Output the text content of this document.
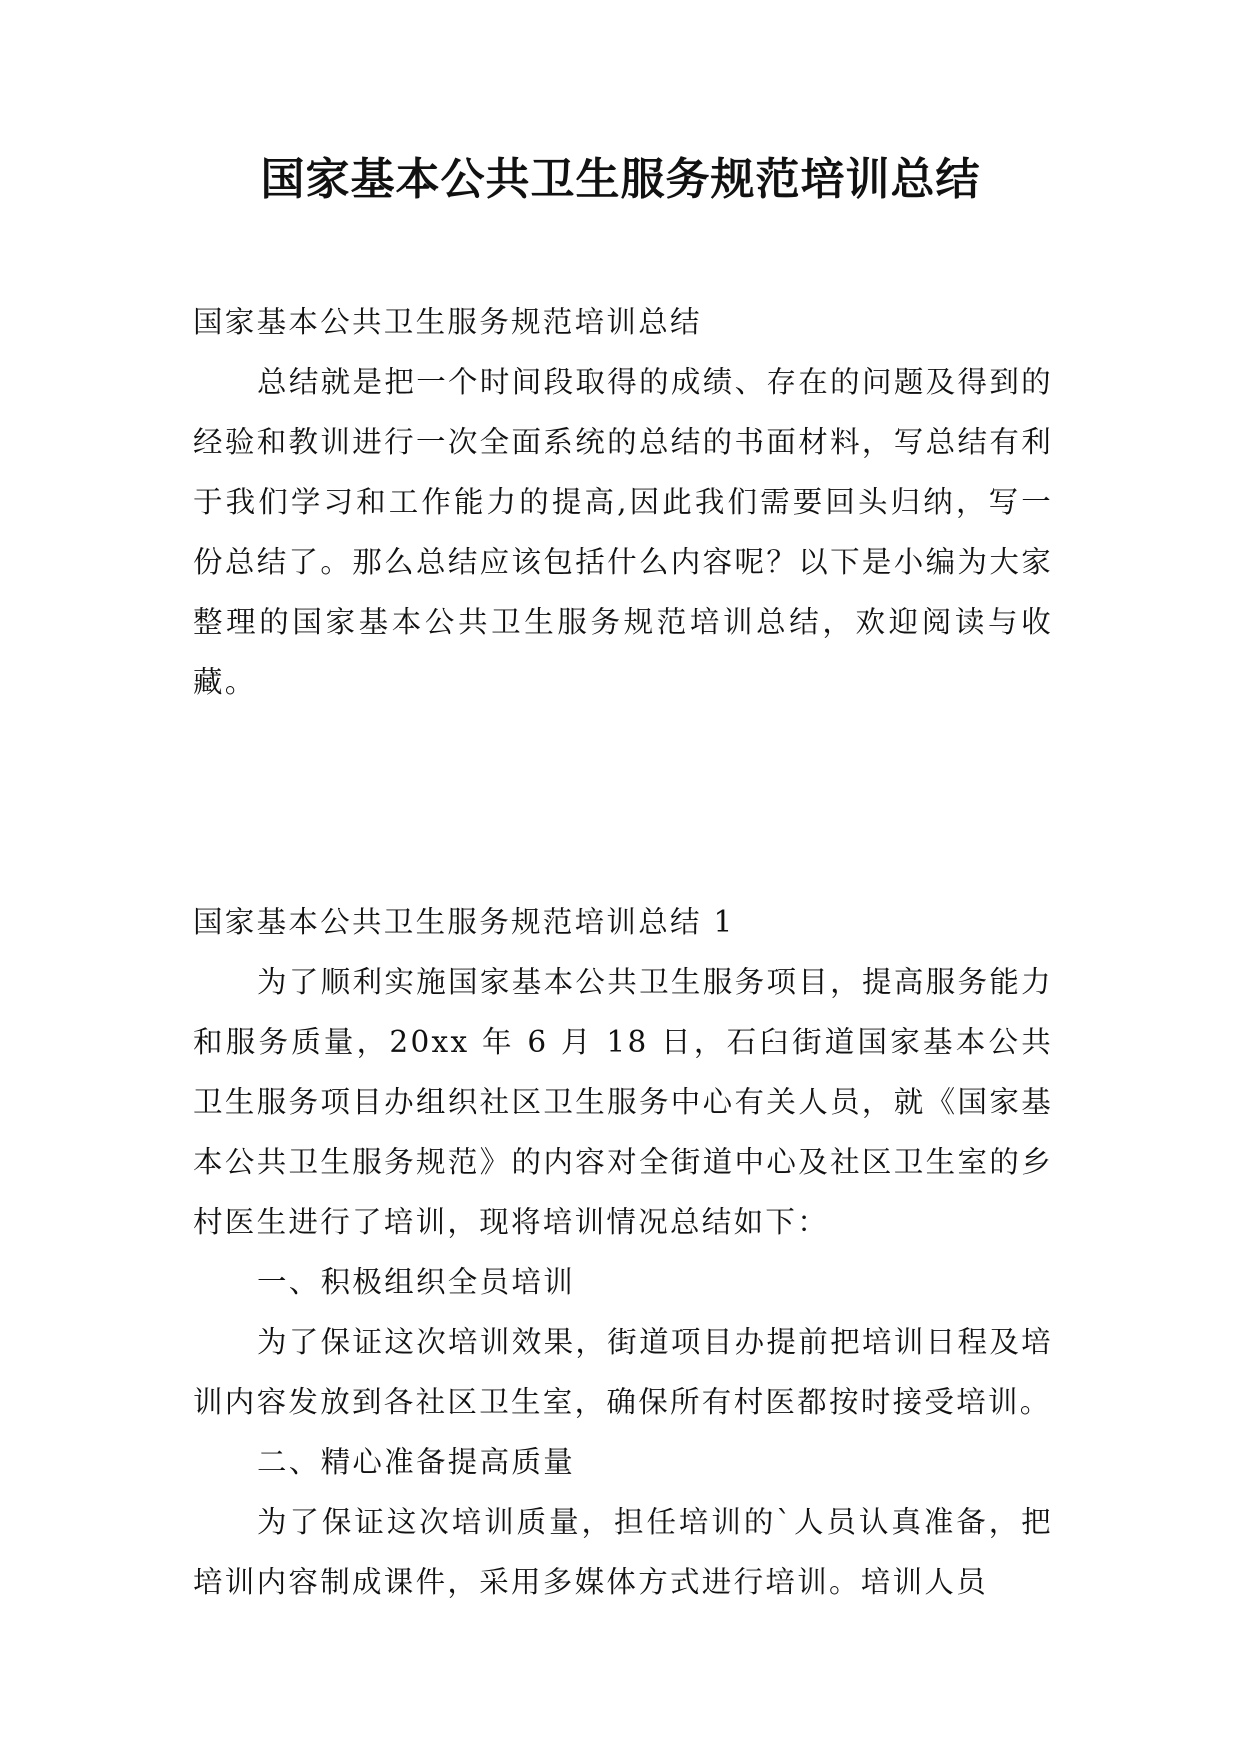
国家基本公共卫生服务规范培训总结

国家基本公共卫生服务规范培训总结

总结就是把一个时间段取得的成绩、存在的问题及得到的经验和教训进行一次全面系统的总结的书面材料，写总结有利于我们学习和工作能力的提高,因此我们需要回头归纳，写一份总结了。那么总结应该包括什么内容呢？以下是小编为大家整理的国家基本公共卫生服务规范培训总结，欢迎阅读与收藏。

国家基本公共卫生服务规范培训总结 1

为了顺利实施国家基本公共卫生服务项目，提高服务能力和服务质量，20xx 年 6 月 18 日，石臼街道国家基本公共卫生服务项目办组织社区卫生服务中心有关人员，就《国家基本公共卫生服务规范》的内容对全街道中心及社区卫生室的乡村医生进行了培训，现将培训情况总结如下：

一、积极组织全员培训

为了保证这次培训效果，街道项目办提前把培训日程及培训内容发放到各社区卫生室，确保所有村医都按时接受培训。

二、精心准备提高质量

为了保证这次培训质量，担任培训的`人员认真准备，把培训内容制成课件，采用多媒体方式进行培训。培训人员
